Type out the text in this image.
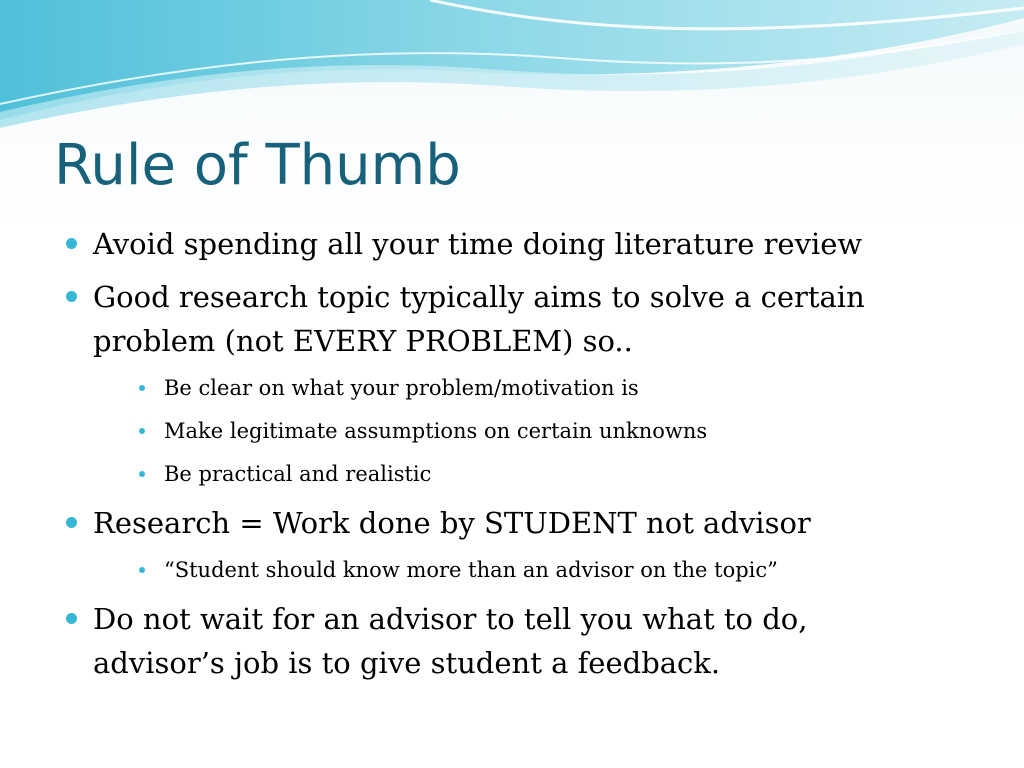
Rule of Thumb
Avoid spending all your time doing literature review
Good research topic typically aims to solve a certain
problem (not EVERY PROBLEM) so..
Be clear on what your problem/motivation is
Make legitimate assumptions on certain unknowns
Be practical and realistic
Research = Work done by STUDENT not advisor
“Student should know more than an advisor on the topic”
Do not wait for an advisor to tell you what to do,
advisor’s job is to give student a feedback.
